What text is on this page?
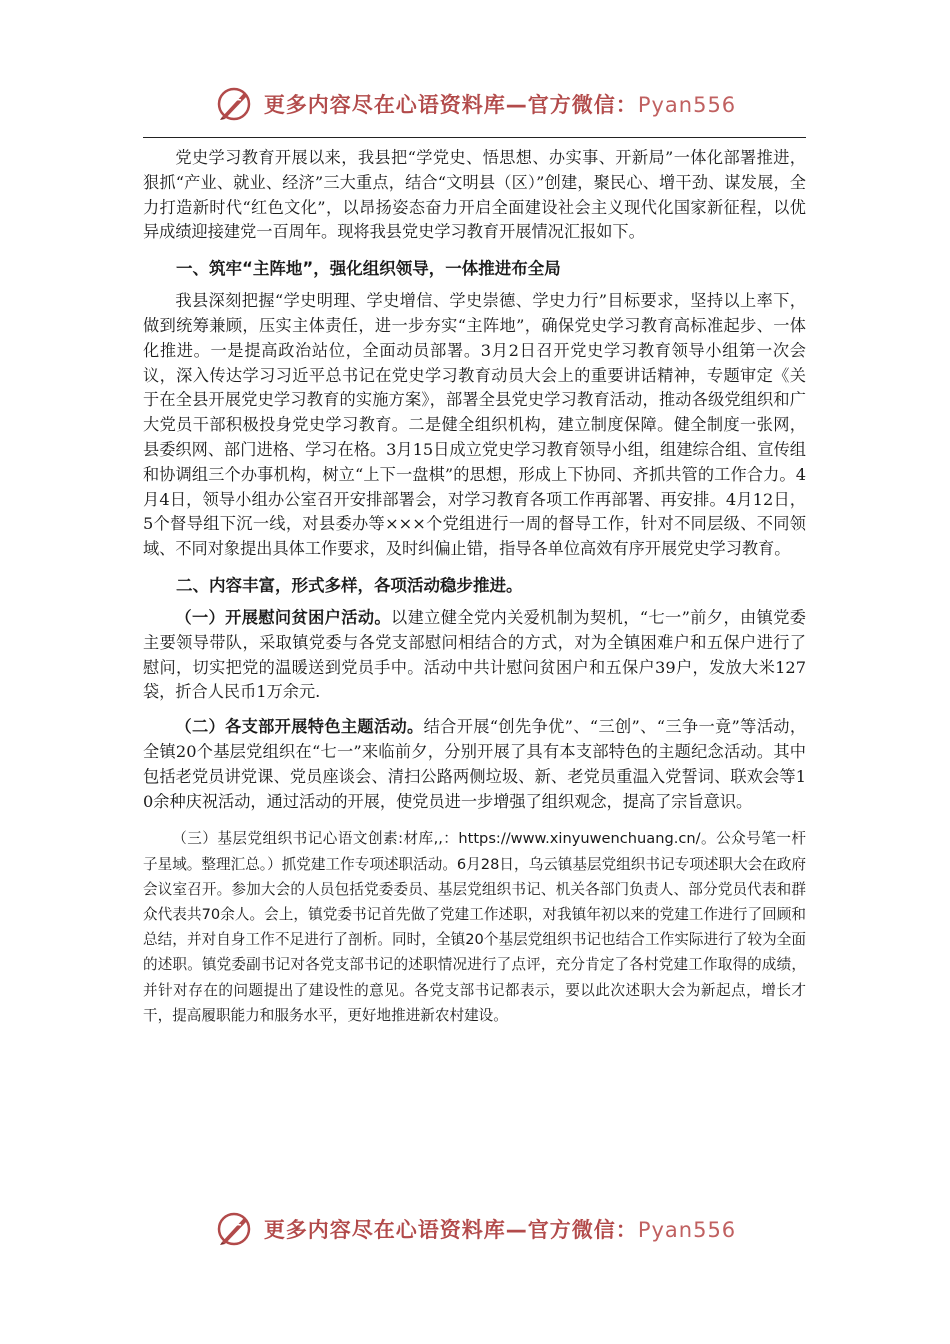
更多内容尽在心语资料库—官方微信：Pyan556

党史学习教育开展以来，我县把“学党史、悟思想、办实事、开新局”一体化部署推进，狠抓“产业、就业、经济”三大重点，结合“文明县（区）”创建，聚民心、增干劲、谋发展，全力打造新时代“红色文化”，以昂扬姿态奋力开启全面建设社会主义现代化国家新征程，以优异成绩迎接建党一百周年。现将我县党史学习教育开展情况汇报如下。

一、筑牢“主阵地”，强化组织领导，一体推进布全局

我县深刻把握“学史明理、学史增信、学史崇德、学史力行”目标要求，坚持以上率下，做到统筹兼顾，压实主体责任，进一步夯实“主阵地”，确保党史学习教育高标准起步、一体化推进。一是提高政治站位，全面动员部署。3月2日召开党史学习教育领导小组第一次会议，深入传达学习习近平总书记在党史学习教育动员大会上的重要讲话精神，专题审定《关于在全县开展党史学习教育的实施方案》，部署全县党史学习教育活动，推动各级党组织和广大党员干部积极投身党史学习教育。二是健全组织机构，建立制度保障。健全制度一张网，县委织网、部门进格、学习在格。3月15日成立党史学习教育领导小组，组建综合组、宣传组和协调组三个办事机构，树立“上下一盘棋”的思想，形成上下协同、齐抓共管的工作合力。4月4日，领导小组办公室召开安排部署会，对学习教育各项工作再部署、再安排。4月12日，5个督导组下沉一线，对县委办等×××个党组进行一周的督导工作，针对不同层级、不同领域、不同对象提出具体工作要求，及时纠偏止错，指导各单位高效有序开展党史学习教育。

二、内容丰富，形式多样，各项活动稳步推进。

（一）开展慰问贫困户活动。以建立健全党内关爱机制为契机，“七一”前夕，由镇党委主要领导带队，采取镇党委与各党支部慰问相结合的方式，对为全镇困难户和五保户进行了慰问，切实把党的温暖送到党员手中。活动中共计慰问贫困户和五保户39户，发放大米127袋，折合人民币1万余元.

（二）各支部开展特色主题活动。结合开展“创先争优”、“三创”、“三争一竟”等活动，全镇20个基层党组织在“七一”来临前夕，分别开展了具有本支部特色的主题纪念活动。其中包括老党员讲党课、党员座谈会、清扫公路两侧垃圾、新、老党员重温入党誓词、联欢会等10余种庆祝活动，通过活动的开展，使党员进一步增强了组织观念，提高了宗旨意识。

（三）基层党组织书记心语文创素:材库,,：https://www.xinyuwenchuang.cn/。公众号笔一杆子星域。整理汇总。）抓党建工作专项述职活动。6月28日，乌云镇基层党组织书记专项述职大会在政府会议室召开。参加大会的人员包括党委委员、基层党组织书记、机关各部门负责人、部分党员代表和群众代表共70余人。会上，镇党委书记首先做了党建工作述职，对我镇年初以来的党建工作进行了回顾和总结，并对自身工作不足进行了剖析。同时，全镇20个基层党组织书记也结合工作实际进行了较为全面的述职。镇党委副书记对各党支部书记的述职情况进行了点评，充分肯定了各村党建工作取得的成绩，并针对存在的问题提出了建设性的意见。各党支部书记都表示，要以此次述职大会为新起点，增长才干，提高履职能力和服务水平，更好地推进新农村建设。

更多内容尽在心语资料库—官方微信：Pyan556
